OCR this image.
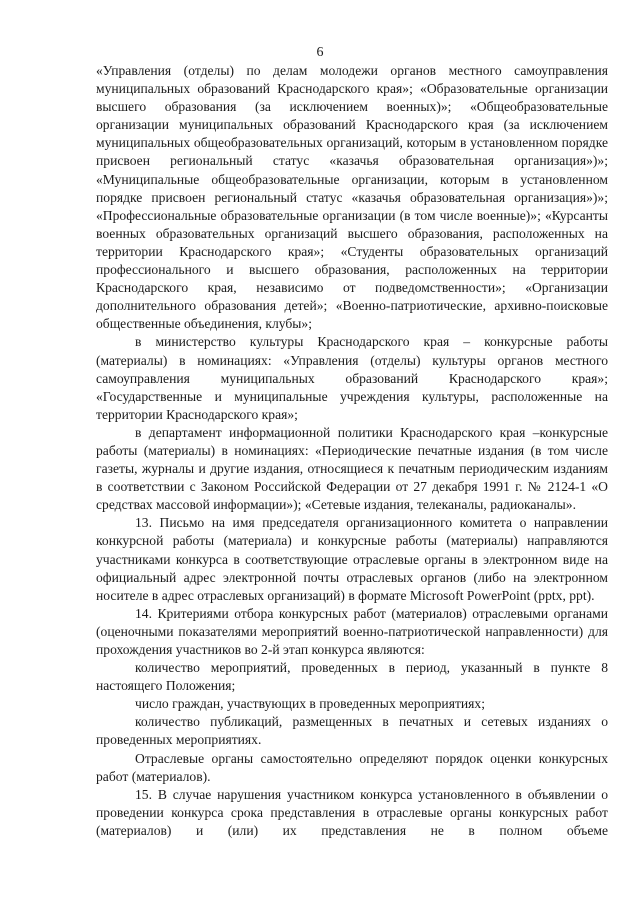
6

«Управления (отделы) по делам молодежи органов местного самоуправления муниципальных образований Краснодарского края»; «Образовательные организации высшего образования (за исключением военных)»; «Общеобразовательные организации муниципальных образований Краснодарского края (за исключением муниципальных общеобразовательных организаций, которым в установленном порядке присвоен региональный статус «казачья образовательная организация»)»; «Муниципальные общеобразовательные организации, которым в установленном порядке присвоен региональный статус «казачья образовательная организация»)»; «Профессиональные образовательные организации (в том числе военные)»; «Курсанты военных образовательных организаций высшего образования, расположенных на территории Краснодарского края»; «Студенты образовательных организаций профессионального и высшего образования, расположенных на территории Краснодарского края, независимо от подведомственности»; «Организации дополнительного образования детей»; «Военно-патриотические, архивно-поисковые общественные объединения, клубы»;

в министерство культуры Краснодарского края – конкурсные работы (материалы) в номинациях: «Управления (отделы) культуры органов местного самоуправления муниципальных образований Краснодарского края»; «Государственные и муниципальные учреждения культуры, расположенные на территории Краснодарского края»;

в департамент информационной политики Краснодарского края –конкурсные работы (материалы) в номинациях: «Периодические печатные издания (в том числе газеты, журналы и другие издания, относящиеся к печатным периодическим изданиям в соответствии с Законом Российской Федерации от 27 декабря 1991 г. № 2124-1 «О средствах массовой информации»); «Сетевые издания, телеканалы, радиоканалы».

13. Письмо на имя председателя организационного комитета о направлении конкурсной работы (материала) и конкурсные работы (материалы) направляются участниками конкурса в соответствующие отраслевые органы в электронном виде на официальный адрес электронной почты отраслевых органов (либо на электронном носителе в адрес отраслевых организаций) в формате Microsoft PowerPoint (pptx, ppt).

14. Критериями отбора конкурсных работ (материалов) отраслевыми органами (оценочными показателями мероприятий военно-патриотической направленности) для прохождения участников во 2-й этап конкурса являются:

количество мероприятий, проведенных в период, указанный в пункте 8 настоящего Положения;

число граждан, участвующих в проведенных мероприятиях;

количество публикаций, размещенных в печатных и сетевых изданиях о проведенных мероприятиях.

Отраслевые органы самостоятельно определяют порядок оценки конкурсных работ (материалов).

15. В случае нарушения участником конкурса установленного в объявлении о проведении конкурса срока представления в отраслевые органы конкурсных работ (материалов) и (или) их представления не в полном объеме
